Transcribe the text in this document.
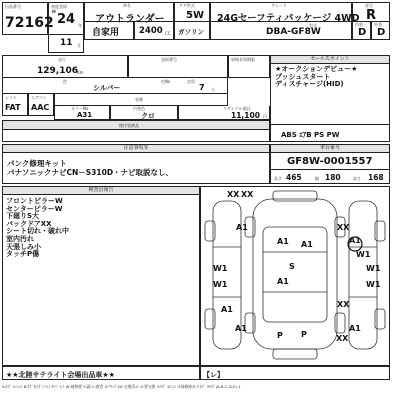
出品番号
72162
初度登録
H 24 年
車名
アウトランダー
ドア形式
5W
グレード
24Gセーフティパッケージ 4WD
評点
R
11 月
自家用 2400 CC ガソリン
型式
DBA-GF8W
内装
D
外装
D
走行
129,106 Km
登録番号	車検有効期限
色
シルバー
色No	定員
7 人
シフト
FAT
エアコン
AAC
装備
カラーNo
A31
内装色
クロ
リサイクル預託
11,100 円
後付装備品
セールスポイント
★オークションデビュー★
プッシュスタート
ディスチャージ(HID)
ABS ｴｱB PS PW
注意事項等
パンク修理キット
パナソニックナビCN－S310D・ナビ取説なし、
車台番号
GF8W-0001557
長さ 465	幅 180	高さ 168
検査員報告
フロントピラーW
センターピラーW
下廻りS大
バックドアXX
シート切れ・破れ中
室内汚れ
天張しみ小
タッチP傷
XX XX
A1
A1
XX
W1	W1
S
A1
A1
P
A1
XX
W1	W1
A1
A1
P
A1
XX
W1
★★北陸サテライト会場出品車★★	【レ】
A:ｷｽﾞ U:ﾍｺﾐ B:ｷｽﾞを伴うﾍｺﾐ P:ﾍﾟｲﾝﾄ W:補修歴 S:錆 C:腐食 X:ｸﾗｯｸ XX:交換済み X:要交換 ①ｷｽﾞ ②ﾍｺﾐ ③補修跡ありｷｽﾞ ④ｷｽﾞ(A-B-C-D-E) 1
